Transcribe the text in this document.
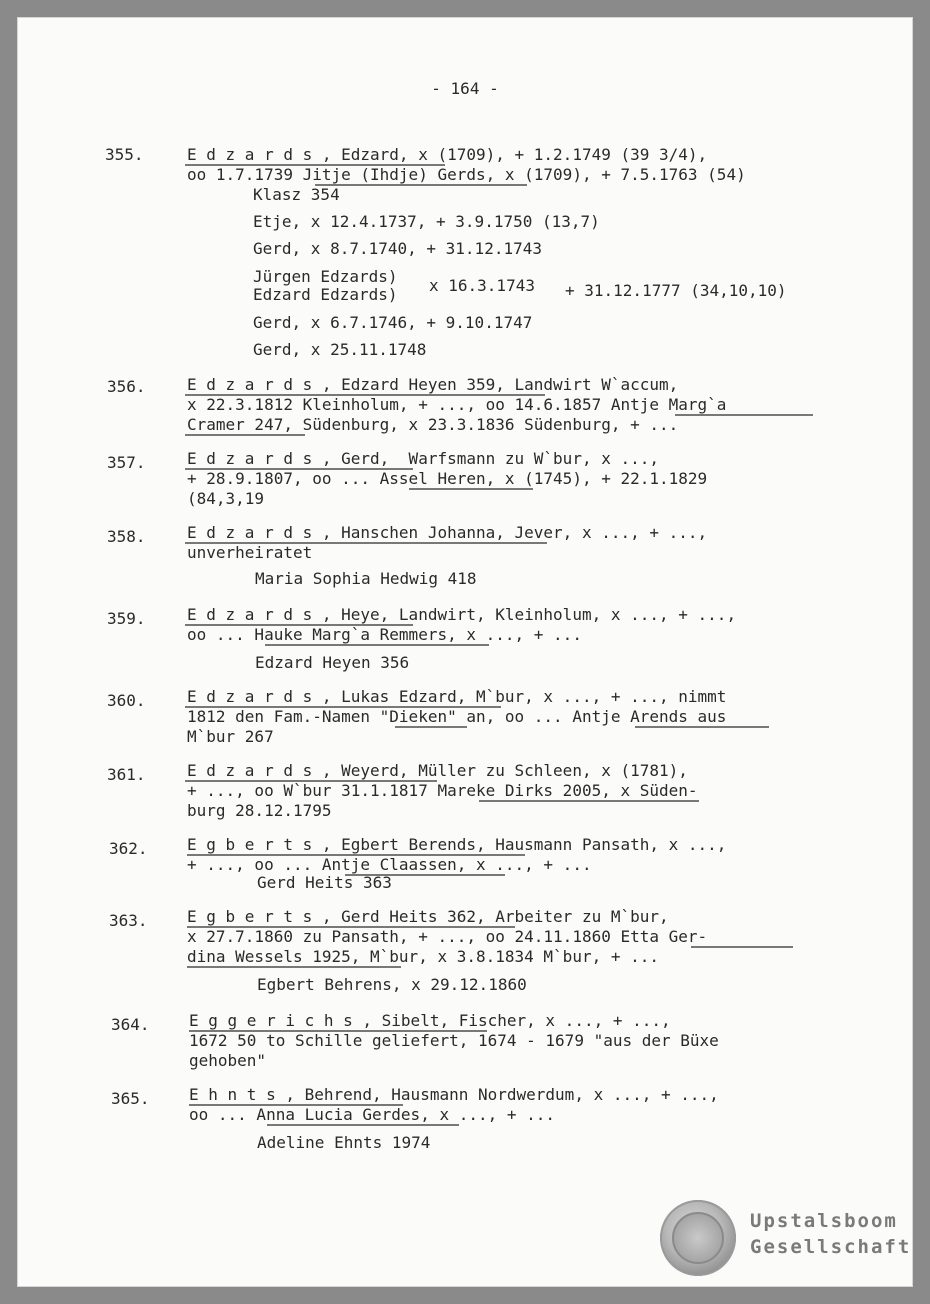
- 164 -
355.	E d z a r d s , Edzard, x (1709), + 1.2.1749 (39 3/4),
oo 1.7.1739 Jitje (Ihdje) Gerds, x (1709), + 7.5.1763 (54)
Klasz 354
Etje, x 12.4.1737, + 3.9.1750 (13,7)
Gerd, x 8.7.1740, + 31.12.1743
Jürgen Edzards)
Edzard Edzards) x 16.3.1743 + 31.12.1777 (34,10,10)
Gerd, x 6.7.1746, + 9.10.1747
Gerd, x 25.11.1748
356.	E d z a r d s , Edzard Heyen 359, Landwirt W`accum,
x 22.3.1812 Kleinholum, + ..., oo 14.6.1857 Antje Marg`a
Cramer 247, Südenburg, x 23.3.1836 Südenburg, + ...
357.	E d z a r d s , Gerd,  Warfsmann zu W`bur, x ...,
+ 28.9.1807, oo ... Assel Heren, x (1745), + 22.1.1829
(84,3,19
358.	E d z a r d s , Hanschen Johanna, Jever, x ..., + ...,
unverheiratet
Maria Sophia Hedwig 418
359.	E d z a r d s , Heye, Landwirt, Kleinholum, x ..., + ...,
oo ... Hauke Marg`a Remmers, x ..., + ...
Edzard Heyen 356
360.	E d z a r d s , Lukas Edzard, M`bur, x ..., + ..., nimmt
1812 den Fam.-Namen "Dieken" an, oo ... Antje Arends aus
M`bur 267
361.	E d z a r d s , Weyerd, Müller zu Schleen, x (1781),
+ ..., oo W`bur 31.1.1817 Mareke Dirks 2005, x Süden-
burg 28.12.1795
362. E g b e r t s , Egbert Berends, Hausmann Pansath, x ...,
+ ..., oo ... Antje Claassen, x ..., + ...
Gerd Heits 363
363. E g b e r t s , Gerd Heits 362, Arbeiter zu M`bur,
x 27.7.1860 zu Pansath, + ..., oo 24.11.1860 Etta Ger-
dina Wessels 1925, M`bur, x 3.8.1834 M`bur, + ...
Egbert Behrens, x 29.12.1860
364. E g g e r i c h s , Sibelt, Fischer, x ..., + ...,
1672 50 to Schille geliefert, 1674 - 1679 "aus der Büxe
gehoben"
365. E h n t s , Behrend, Hausmann Nordwerdum, x ..., + ...,
oo ... Anna Lucia Gerdes, x ..., + ...
Adeline Ehnts 1974
Upstalsboom
Gesellschaft
